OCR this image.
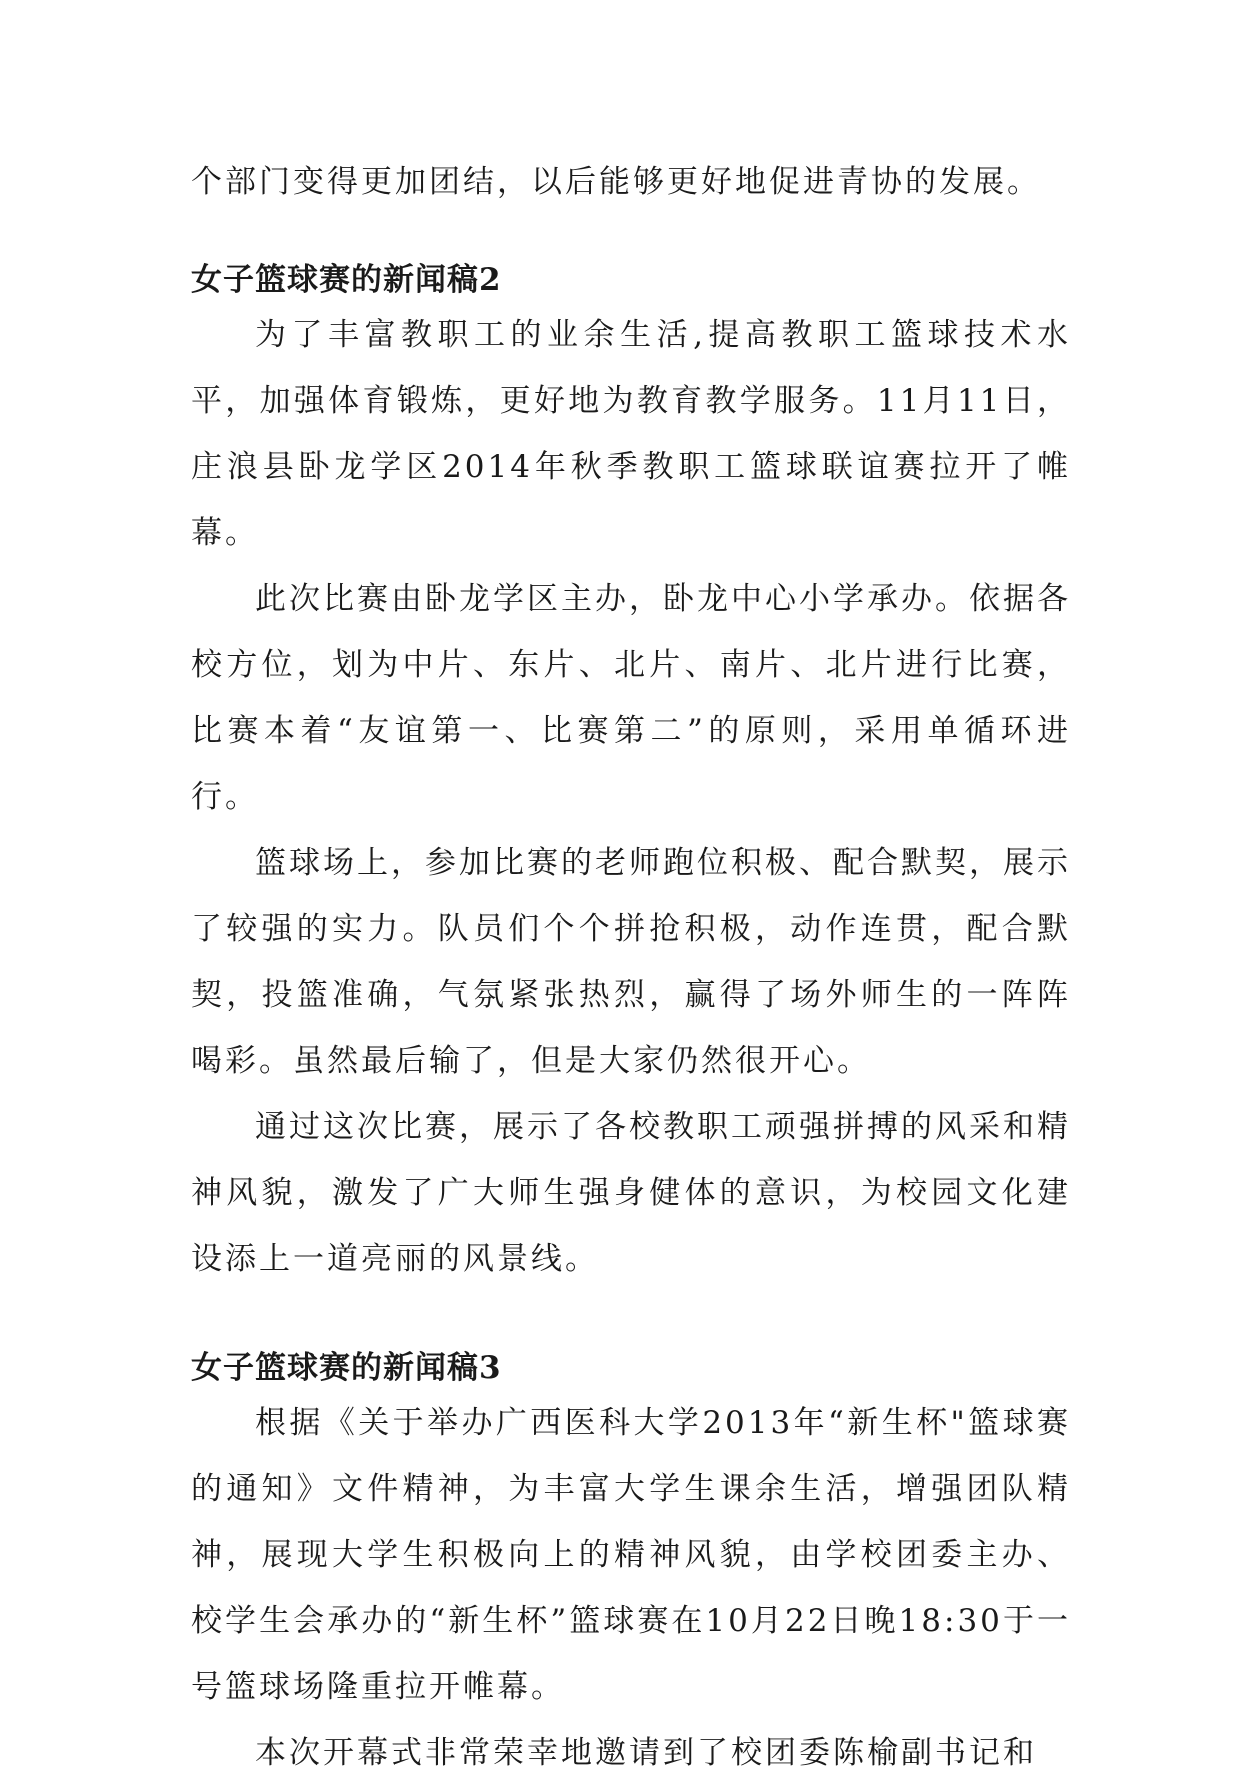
个部门变得更加团结，以后能够更好地促进青协的发展。

女子篮球赛的新闻稿2

为了丰富教职工的业余生活,提高教职工篮球技术水平，加强体育锻炼，更好地为教育教学服务。11月11日，庄浪县卧龙学区2014年秋季教职工篮球联谊赛拉开了帷幕。

此次比赛由卧龙学区主办，卧龙中心小学承办。依据各校方位，划为中片、东片、北片、南片、北片进行比赛，比赛本着“友谊第一、比赛第二”的原则，采用单循环进行。

篮球场上，参加比赛的老师跑位积极、配合默契，展示了较强的实力。队员们个个拼抢积极，动作连贯，配合默契，投篮准确，气氛紧张热烈，赢得了场外师生的一阵阵喝彩。虽然最后输了，但是大家仍然很开心。

通过这次比赛，展示了各校教职工顽强拼搏的风采和精神风貌，激发了广大师生强身健体的意识，为校园文化建设添上一道亮丽的风景线。

女子篮球赛的新闻稿3

根据《关于举办广西医科大学2013年“新生杯"篮球赛的通知》文件精神，为丰富大学生课余生活，增强团队精神，展现大学生积极向上的精神风貌，由学校团委主办、校学生会承办的“新生杯”篮球赛在10月22日晚18:30于一号篮球场隆重拉开帷幕。

本次开幕式非常荣幸地邀请到了校团委陈榆副书记和
